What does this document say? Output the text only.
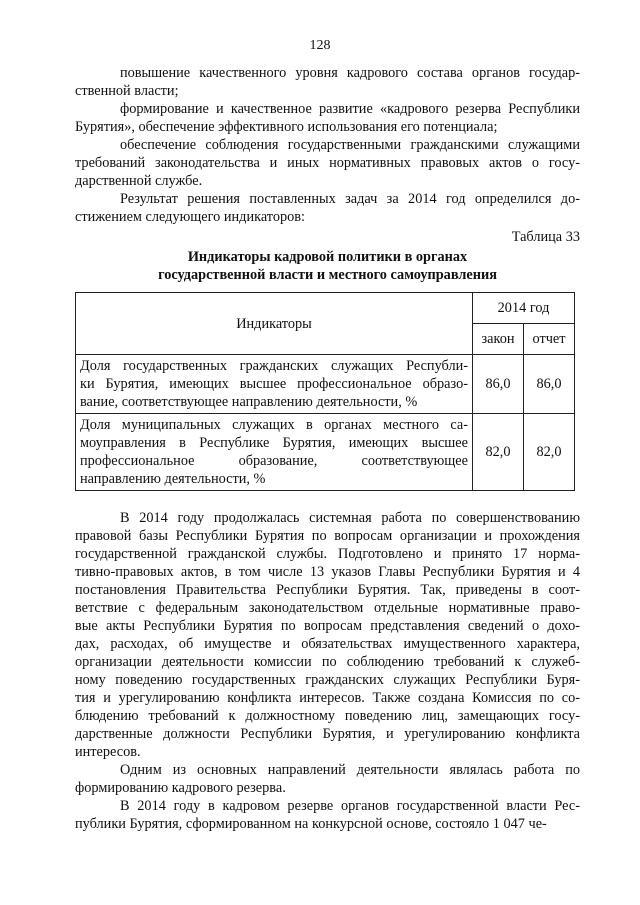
128

повышение качественного уровня кадрового состава органов государ-
ственной власти;

формирование и качественное развитие «кадрового резерва Республики
Бурятия», обеспечение эффективного использования его потенциала;

обеспечение соблюдения государственными гражданскими служащими
требований законодательства и иных нормативных правовых актов о госу-
дарственной службе.

Результат решения поставленных задач за 2014 год определился до-
стижением следующего индикаторов:

Таблица 33

Индикаторы кадровой политики в органах
государственной власти и местного самоуправления

Индикаторы	2014 год	
	закон	отчет

Доля государственных гражданских служащих Республи-
ки Бурятия, имеющих высшее профессиональное образо-
вание, соответствующее направлению деятельности, %	86,0	86,0

Доля муниципальных служащих в органах местного са-
моуправления в Республике Бурятия, имеющих высшее
профессиональное образование, соответствующее
направлению деятельности, %	82,0	82,0

В 2014 году продолжалась системная работа по совершенствованию
правовой базы Республики Бурятия по вопросам организации и прохождения
государственной гражданской службы. Подготовлено и принято 17 норма-
тивно-правовых актов, в том числе 13 указов Главы Республики Бурятия и 4
постановления Правительства Республики Бурятия. Так, приведены в соот-
ветствие с федеральным законодательством отдельные нормативные право-
вые акты Республики Бурятия по вопросам представления сведений о дохо-
дах, расходах, об имуществе и обязательствах имущественного характера,
организации деятельности комиссии по соблюдению требований к служеб-
ному поведению государственных гражданских служащих Республики Буря-
тия и урегулированию конфликта интересов. Также создана Комиссия по со-
блюдению требований к должностному поведению лиц, замещающих госу-
дарственные должности Республики Бурятия, и урегулированию конфликта
интересов.

Одним из основных направлений деятельности являлась работа по
формированию кадрового резерва.

В 2014 году в кадровом резерве органов государственной власти Рес-
публики Бурятия, сформированном на конкурсной основе, состояло 1 047 че-
